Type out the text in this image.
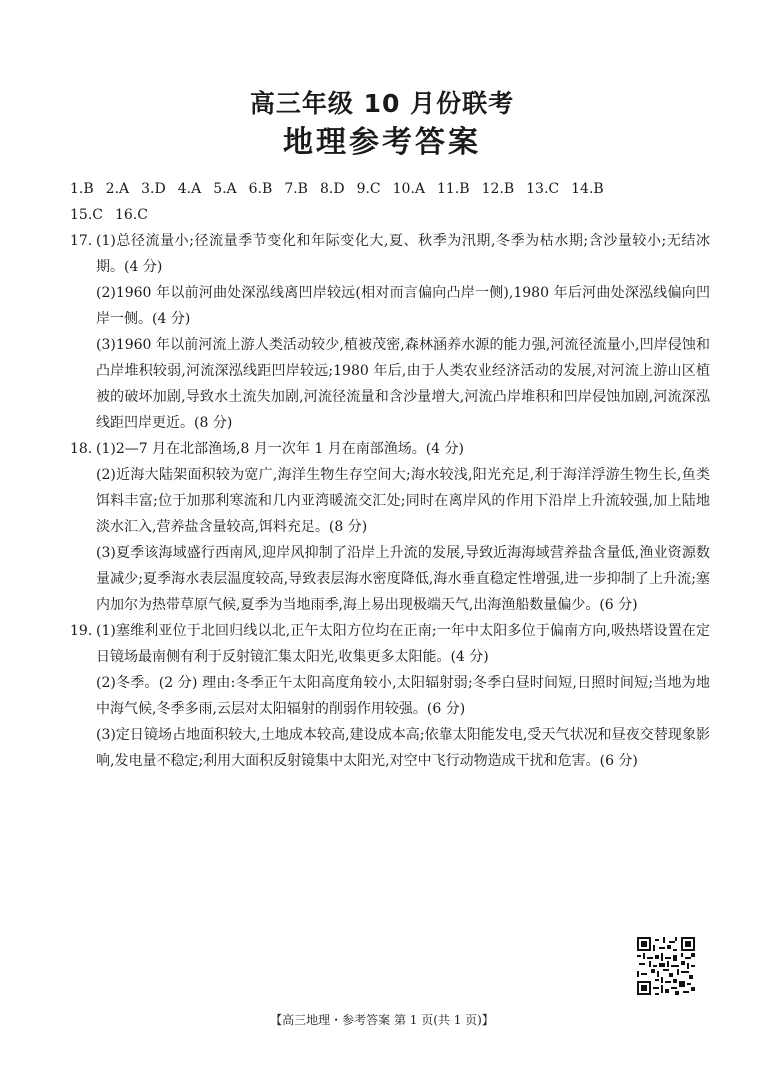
高三年级 10 月份联考
地理参考答案
1.B 2.A 3.D 4.A 5.A 6.B 7.B 8.D 9.C 10.A 11.B 12.B 13.C 14.B
15.C 16.C
17. (1)总径流量小;径流量季节变化和年际变化大,夏、秋季为汛期,冬季为枯水期;含沙量较小;无结冰期。(4 分)

(2)1960 年以前河曲处深泓线离凹岸较远(相对而言偏向凸岸一侧),1980 年后河曲处深泓线偏向凹岸一侧。(4 分)

(3)1960 年以前河流上游人类活动较少,植被茂密,森林涵养水源的能力强,河流径流量小,凹岸侵蚀和凸岸堆积较弱,河流深泓线距凹岸较远;1980 年后,由于人类农业经济活动的发展,对河流上游山区植被的破坏加剧,导致水土流失加剧,河流径流量和含沙量增大,河流凸岸堆积和凹岸侵蚀加剧,河流深泓线距凹岸更近。(8 分)

18. (1)2—7 月在北部渔场,8 月一次年 1 月在南部渔场。(4 分)

(2)近海大陆架面积较为宽广,海洋生物生存空间大;海水较浅,阳光充足,利于海洋浮游生物生长,鱼类饵料丰富;位于加那利寒流和几内亚湾暖流交汇处;同时在离岸风的作用下沿岸上升流较强,加上陆地淡水汇入,营养盐含量较高,饵料充足。(8 分)

(3)夏季该海域盛行西南风,迎岸风抑制了沿岸上升流的发展,导致近海海域营养盐含量低,渔业资源数量减少;夏季海水表层温度较高,导致表层海水密度降低,海水垂直稳定性增强,进一步抑制了上升流;塞内加尔为热带草原气候,夏季为当地雨季,海上易出现极端天气,出海渔船数量偏少。(6 分)

19. (1)塞维利亚位于北回归线以北,正午太阳方位均在正南;一年中太阳多位于偏南方向,吸热塔设置在定日镜场最南侧有利于反射镜汇集太阳光,收集更多太阳能。(4 分)

(2)冬季。(2 分) 理由:冬季正午太阳高度角较小,太阳辐射弱;冬季白昼时间短,日照时间短;当地为地中海气候,冬季多雨,云层对太阳辐射的削弱作用较强。(6 分)

(3)定日镜场占地面积较大,土地成本较高,建设成本高;依靠太阳能发电,受天气状况和昼夜交替现象影响,发电量不稳定;利用大面积反射镜集中太阳光,对空中飞行动物造成干扰和危害。(6 分)

【高三地理・参考答案 第 1 页(共 1 页)】
